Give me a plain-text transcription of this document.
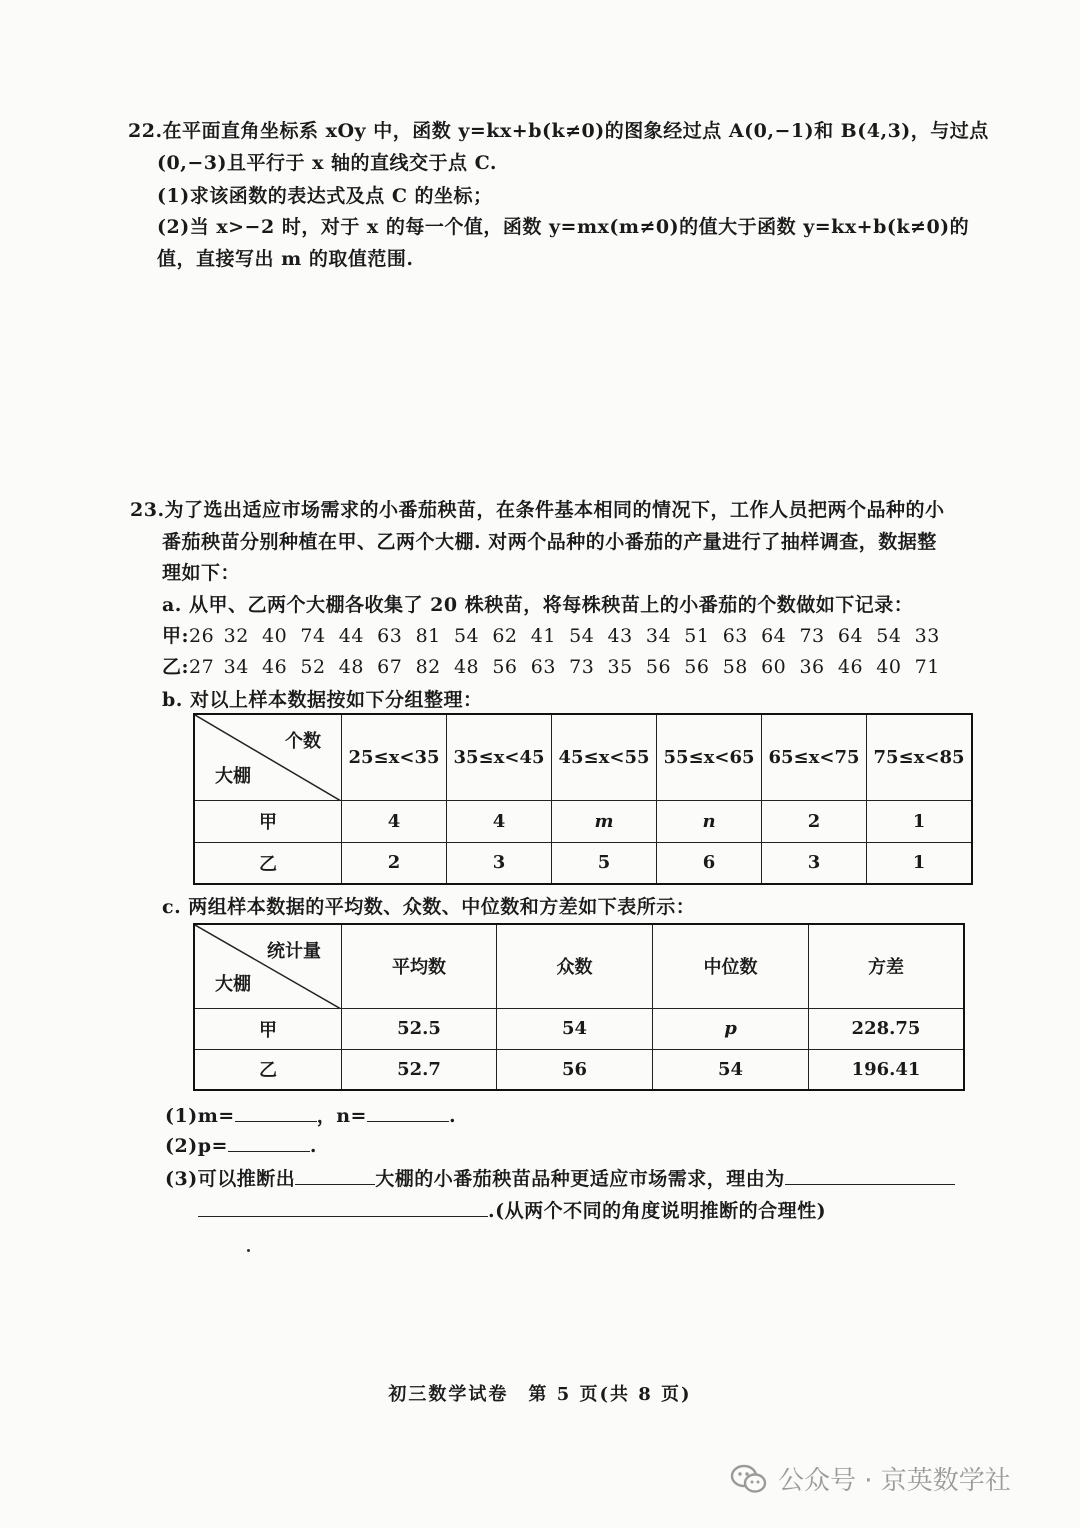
22.在平面直角坐标系 xOy 中，函数 y=kx+b(k≠0)的图象经过点 A(0,−1)和 B(4,3)，与过点
(0,−3)且平行于 x 轴的直线交于点 C.
(1)求该函数的表达式及点 C 的坐标；
(2)当 x>−2 时，对于 x 的每一个值，函数 y=mx(m≠0)的值大于函数 y=kx+b(k≠0)的
值，直接写出 m 的取值范围.
23.为了选出适应市场需求的小番茄秧苗，在条件基本相同的情况下，工作人员把两个品种的小
番茄秧苗分别种植在甲、乙两个大棚. 对两个品种的小番茄的产量进行了抽样调查，数据整
理如下：
a. 从甲、乙两个大棚各收集了 20 株秧苗，将每株秧苗上的小番茄的个数做如下记录：
甲:26 32 40 74 44 63 81 54 62 41 54 43 34 51 63 64 73 64 54 33
乙:27 34 46 52 48 67 82 48 56 63 73 35 56 56 58 60 36 46 40 71
b. 对以上样本数据按如下分组整理：
个数
大棚	25≤x<35	35≤x<45	45≤x<55	55≤x<65	65≤x<75	75≤x<85
甲	4	4	m	n	2	1
乙	2	3	5	6	3	1
c. 两组样本数据的平均数、众数、中位数和方差如下表所示：
统计量
大棚	平均数	众数	中位数	方差
甲	52.5	54	p	228.75
乙	52.7	56	54	196.41
(1)m=	，n=	.
(2)p=	.
(3)可以推断出	大棚的小番茄秧苗品种更适应市场需求，理由为
.(从两个不同的角度说明推断的合理性)
初三数学试卷　第 5 页(共 8 页)
公众号 · 京英数学社
